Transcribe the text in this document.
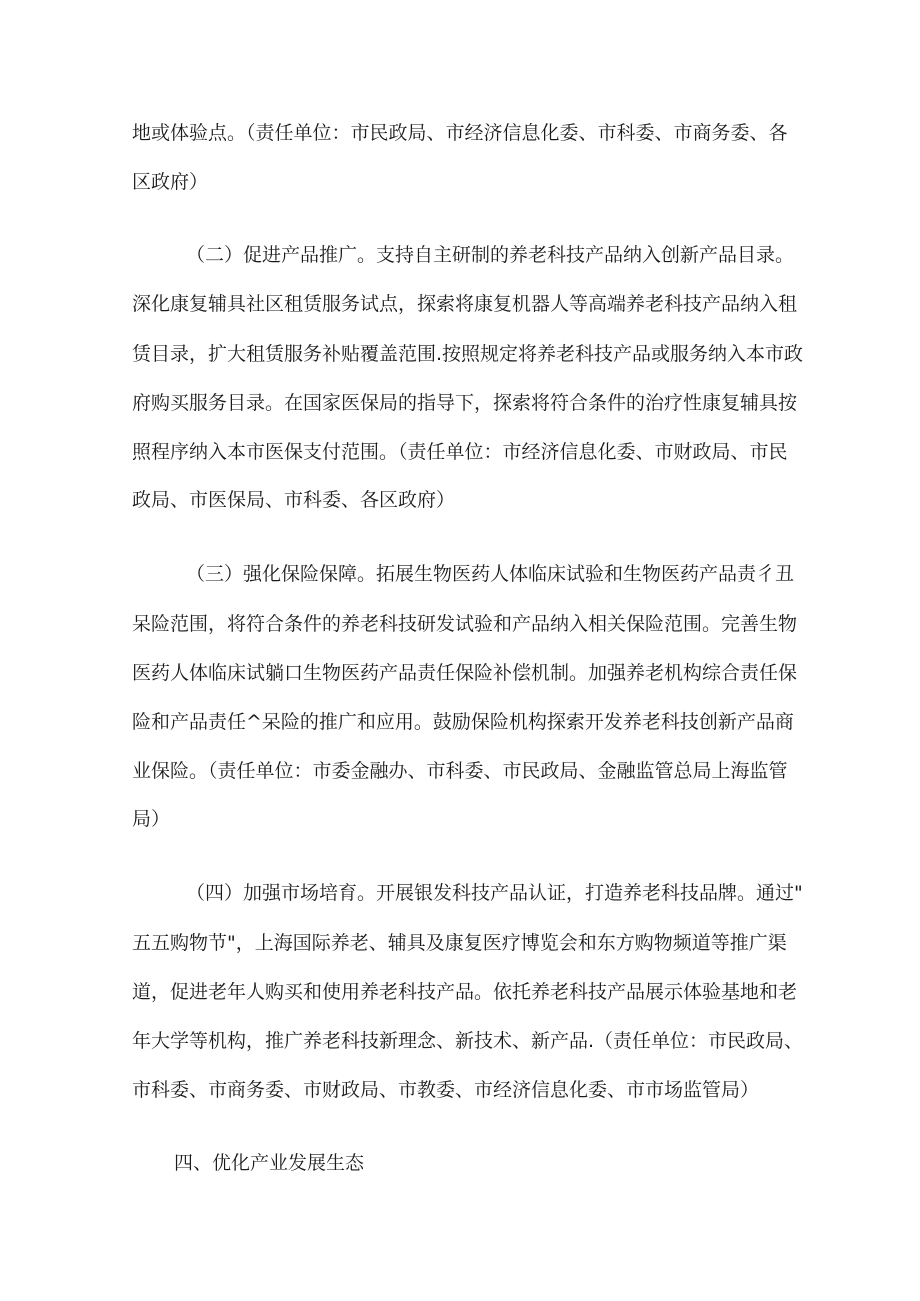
地或体验点。（责任单位：市民政局、市经济信息化委、市科委、市商务委、各
区政府）
（二）促进产品推广。支持自主研制的养老科技产品纳入创新产品目录。
深化康复辅具社区租赁服务试点，探索将康复机器人等高端养老科技产品纳入租
赁目录，扩大租赁服务补贴覆盖范围.按照规定将养老科技产品或服务纳入本市政
府购买服务目录。在国家医保局的指导下，探索将符合条件的治疗性康复辅具按
照程序纳入本市医保支付范围。（责任单位：市经济信息化委、市财政局、市民
政局、市医保局、市科委、各区政府）
（三）强化保险保障。拓展生物医药人体临床试验和生物医药产品责彳丑
呆险范围，将符合条件的养老科技研发试验和产品纳入相关保险范围。完善生物
医药人体临床试躺口生物医药产品责任保险补偿机制。加强养老机构综合责任保
险和产品责任^呆险的推广和应用。鼓励保险机构探索开发养老科技创新产品商
业保险。（责任单位：市委金融办、市科委、市民政局、金融监管总局上海监管
局）
（四）加强市场培育。开展银发科技产品认证，打造养老科技品牌。通过"
五五购物节"，上海国际养老、辅具及康复医疗博览会和东方购物频道等推广渠
道，促进老年人购买和使用养老科技产品。依托养老科技产品展示体验基地和老
年大学等机构，推广养老科技新理念、新技术、新产品.（责任单位：市民政局、
市科委、市商务委、市财政局、市教委、市经济信息化委、市市场监管局）
四、优化产业发展生态
